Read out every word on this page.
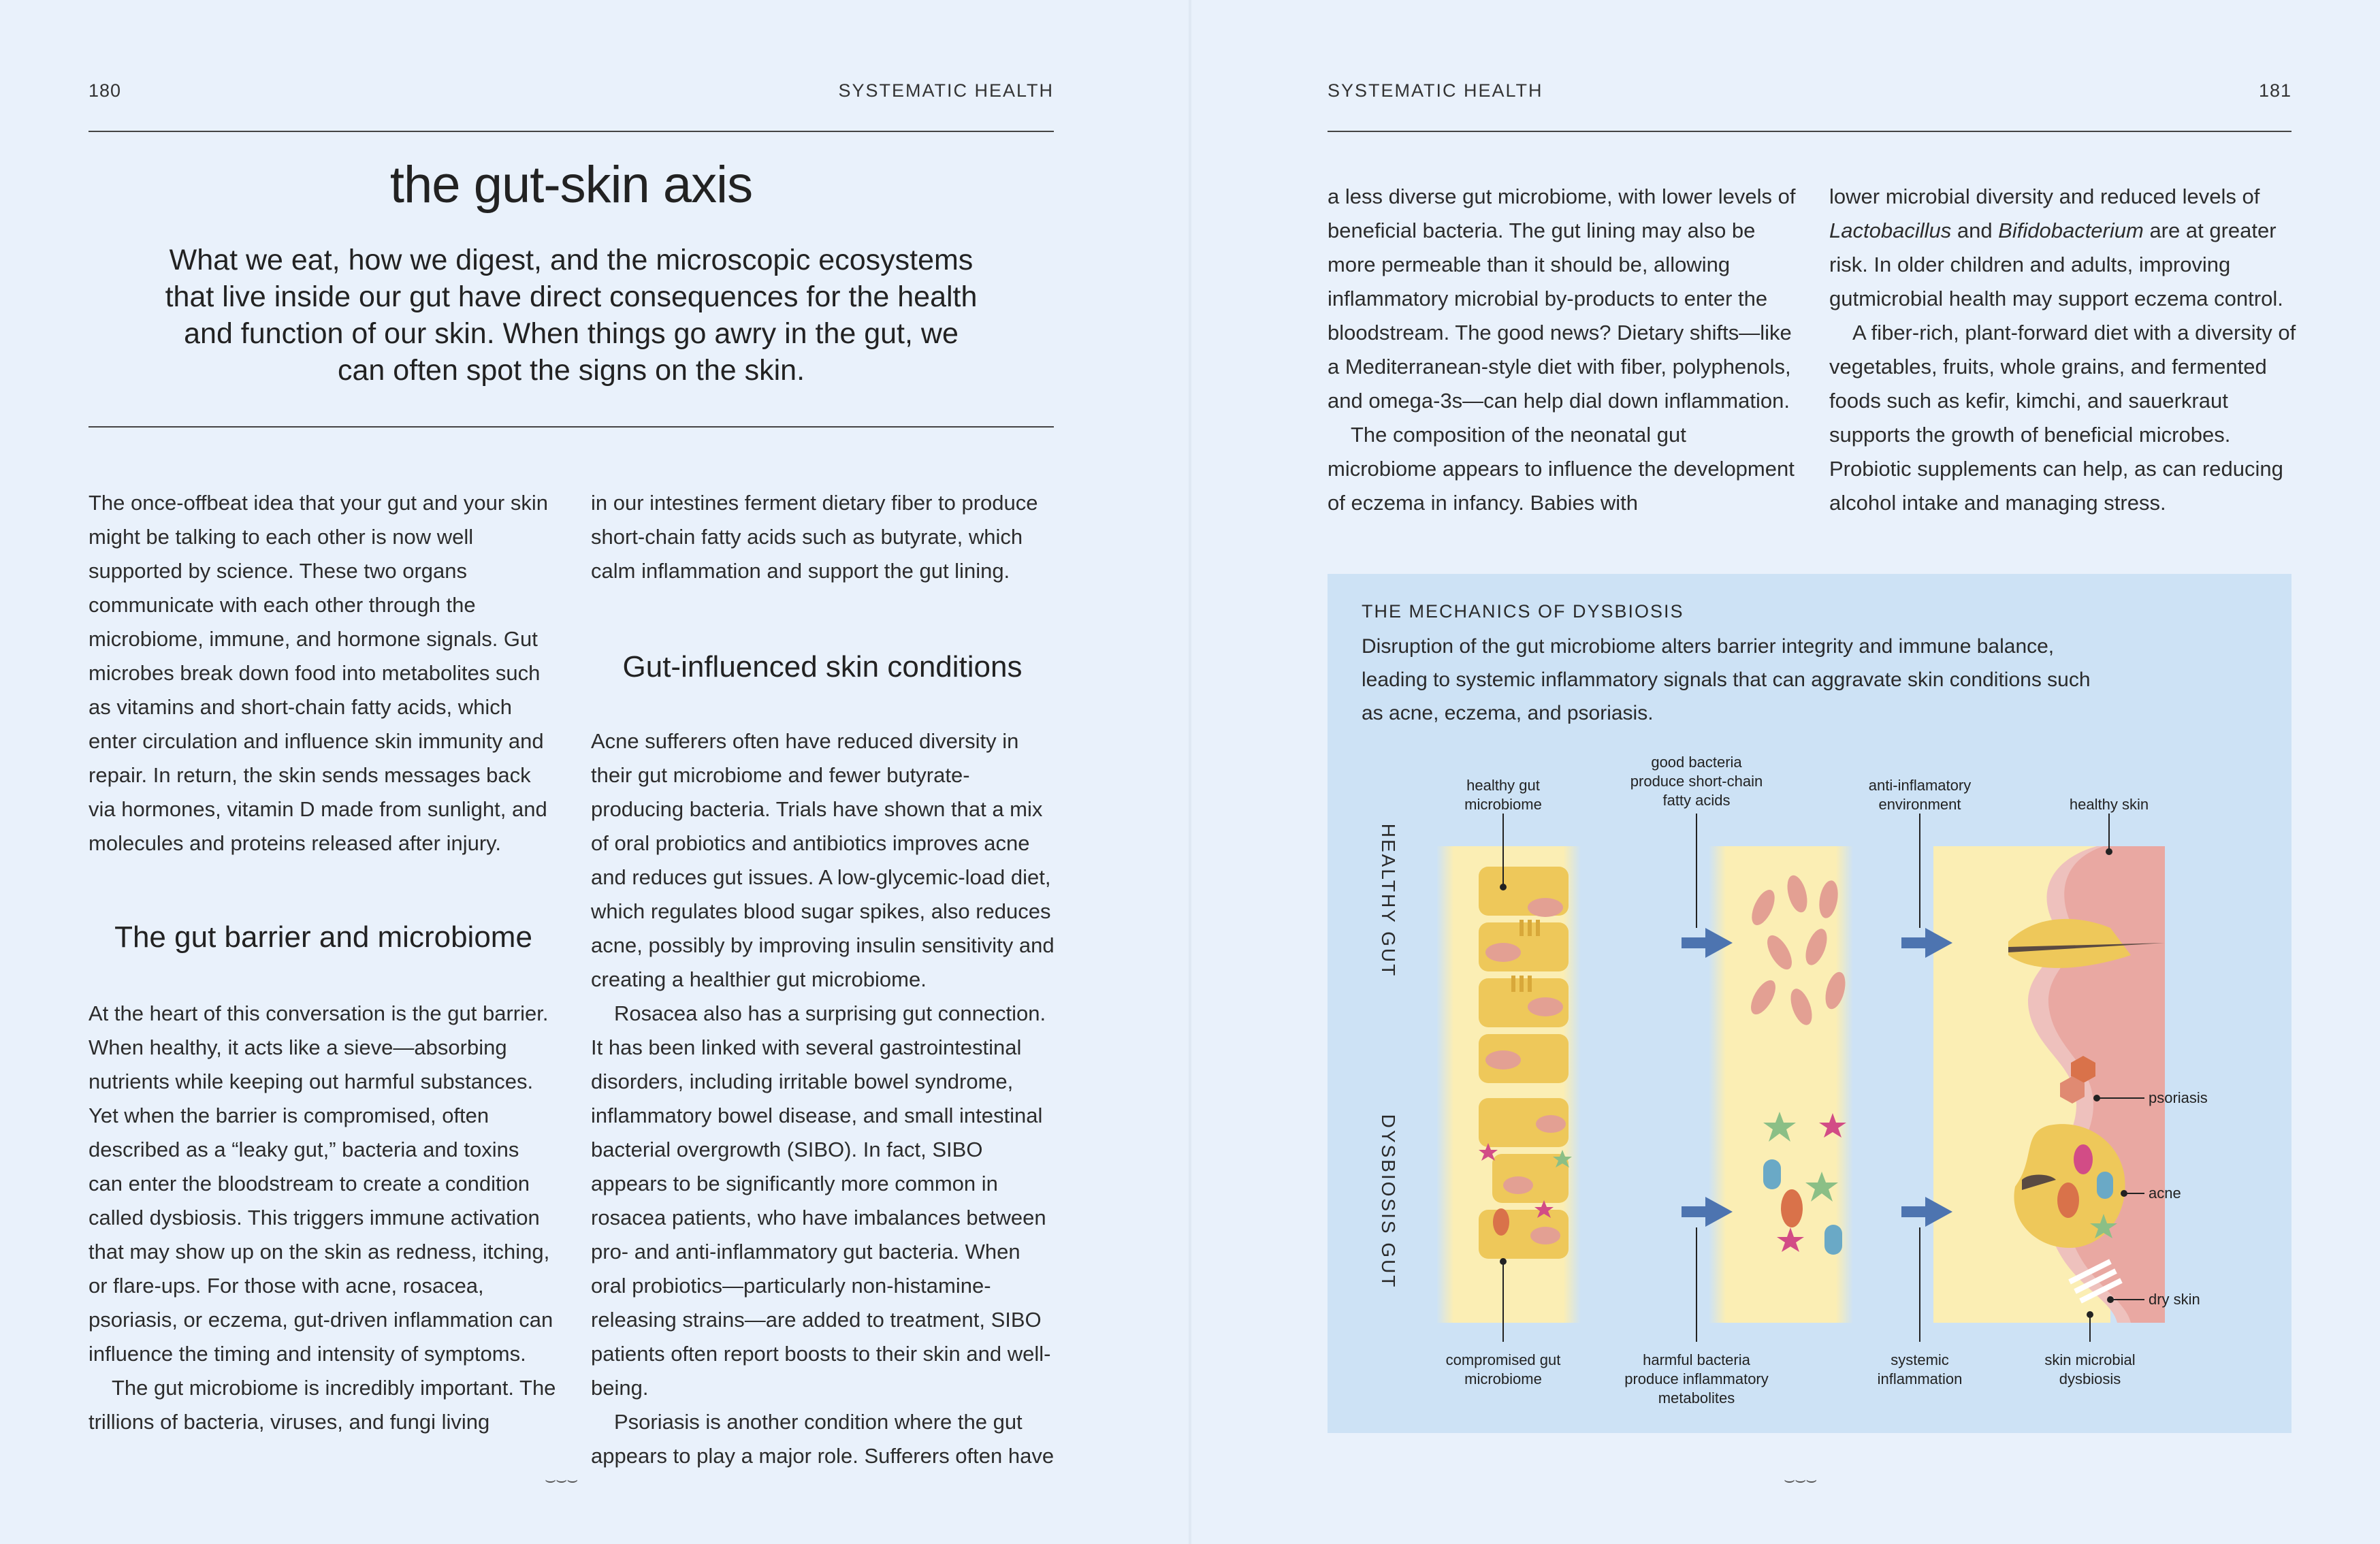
180	SYSTEMATIC HEALTH
the gut-skin axis
What we eat, how we digest, and the microscopic ecosystems that live inside our gut have direct consequences for the health and function of our skin. When things go awry in the gut, we can often spot the signs on the skin.

The once-offbeat idea that your gut and your skin might be talking to each other is now well supported by science. These two organs communicate with each other through the microbiome, immune, and hormone signals. Gut microbes break down food into metabolites such as vitamins and short-chain fatty acids, which enter circulation and influence skin immunity and repair. In return, the skin sends messages back via hormones, vitamin D made from sunlight, and molecules and proteins released after injury.

The gut barrier and microbiome

At the heart of this conversation is the gut barrier. When healthy, it acts like a sieve—absorbing nutrients while keeping out harmful substances. Yet when the barrier is compromised, often described as a “leaky gut,” bacteria and toxins can enter the bloodstream to create a condition called dysbiosis. This triggers immune activation that may show up on the skin as redness, itching, or flare-ups. For those with acne, rosacea, psoriasis, or eczema, gut-driven inflammation can influence the timing and intensity of symptoms.

The gut microbiome is incredibly important. The trillions of bacteria, viruses, and fungi living

in our intestines ferment dietary fiber to produce short-chain fatty acids such as butyrate, which calm inflammation and support the gut lining.

Gut-influenced skin conditions

Acne sufferers often have reduced diversity in their gut microbiome and fewer butyrate-producing bacteria. Trials have shown that a mix of oral probiotics and antibiotics improves acne and reduces gut issues. A low-glycemic-load diet, which regulates blood sugar spikes, also reduces acne, possibly by improving insulin sensitivity and creating a healthier gut microbiome.

Rosacea also has a surprising gut connection. It has been linked with several gastrointestinal disorders, including irritable bowel syndrome, inflammatory bowel disease, and small intestinal bacterial overgrowth (SIBO). In fact, SIBO appears to be significantly more common in rosacea patients, who have imbalances between pro- and anti-inflammatory gut bacteria. When oral probiotics—particularly non-histamine-releasing strains—are added to treatment, SIBO patients often report boosts to their skin and well-being.

Psoriasis is another condition where the gut appears to play a major role. Sufferers often have

⌣⌣⌣
SYSTEMATIC HEALTH	181

a less diverse gut microbiome, with lower levels of beneficial bacteria. The gut lining may also be more permeable than it should be, allowing inflammatory microbial by-products to enter the bloodstream. The good news? Dietary shifts—like a Mediterranean-style diet with fiber, polyphenols, and omega-3s—can help dial down inflammation.

The composition of the neonatal gut microbiome appears to influence the development of eczema in infancy. Babies with

lower microbial diversity and reduced levels of Lactobacillus and Bifidobacterium are at greater risk. In older children and adults, improving gutmicrobial health may support eczema control.

A fiber-rich, plant-forward diet with a diversity of vegetables, fruits, whole grains, and fermented foods such as kefir, kimchi, and sauerkraut supports the growth of beneficial microbes. Probiotic supplements can help, as can reducing alcohol intake and managing stress.

⌣⌣⌣
THE MECHANICS OF DYSBIOSIS
Disruption of the gut microbiome alters barrier integrity and immune balance, leading to systemic inflammatory signals that can aggravate skin conditions such as acne, eczema, and psoriasis.
HEALTHY GUT
DYSBIOSIS GUT
healthy gut
microbiome
good bacteria
produce short-chain
fatty acids
anti-inflamatory
environment	healthy skin
psoriasis
acne
dry skin
compromised gut
microbiome
harmful bacteria
produce inflammatory
metabolites
systemic
inflammation
skin microbial
dysbiosis
